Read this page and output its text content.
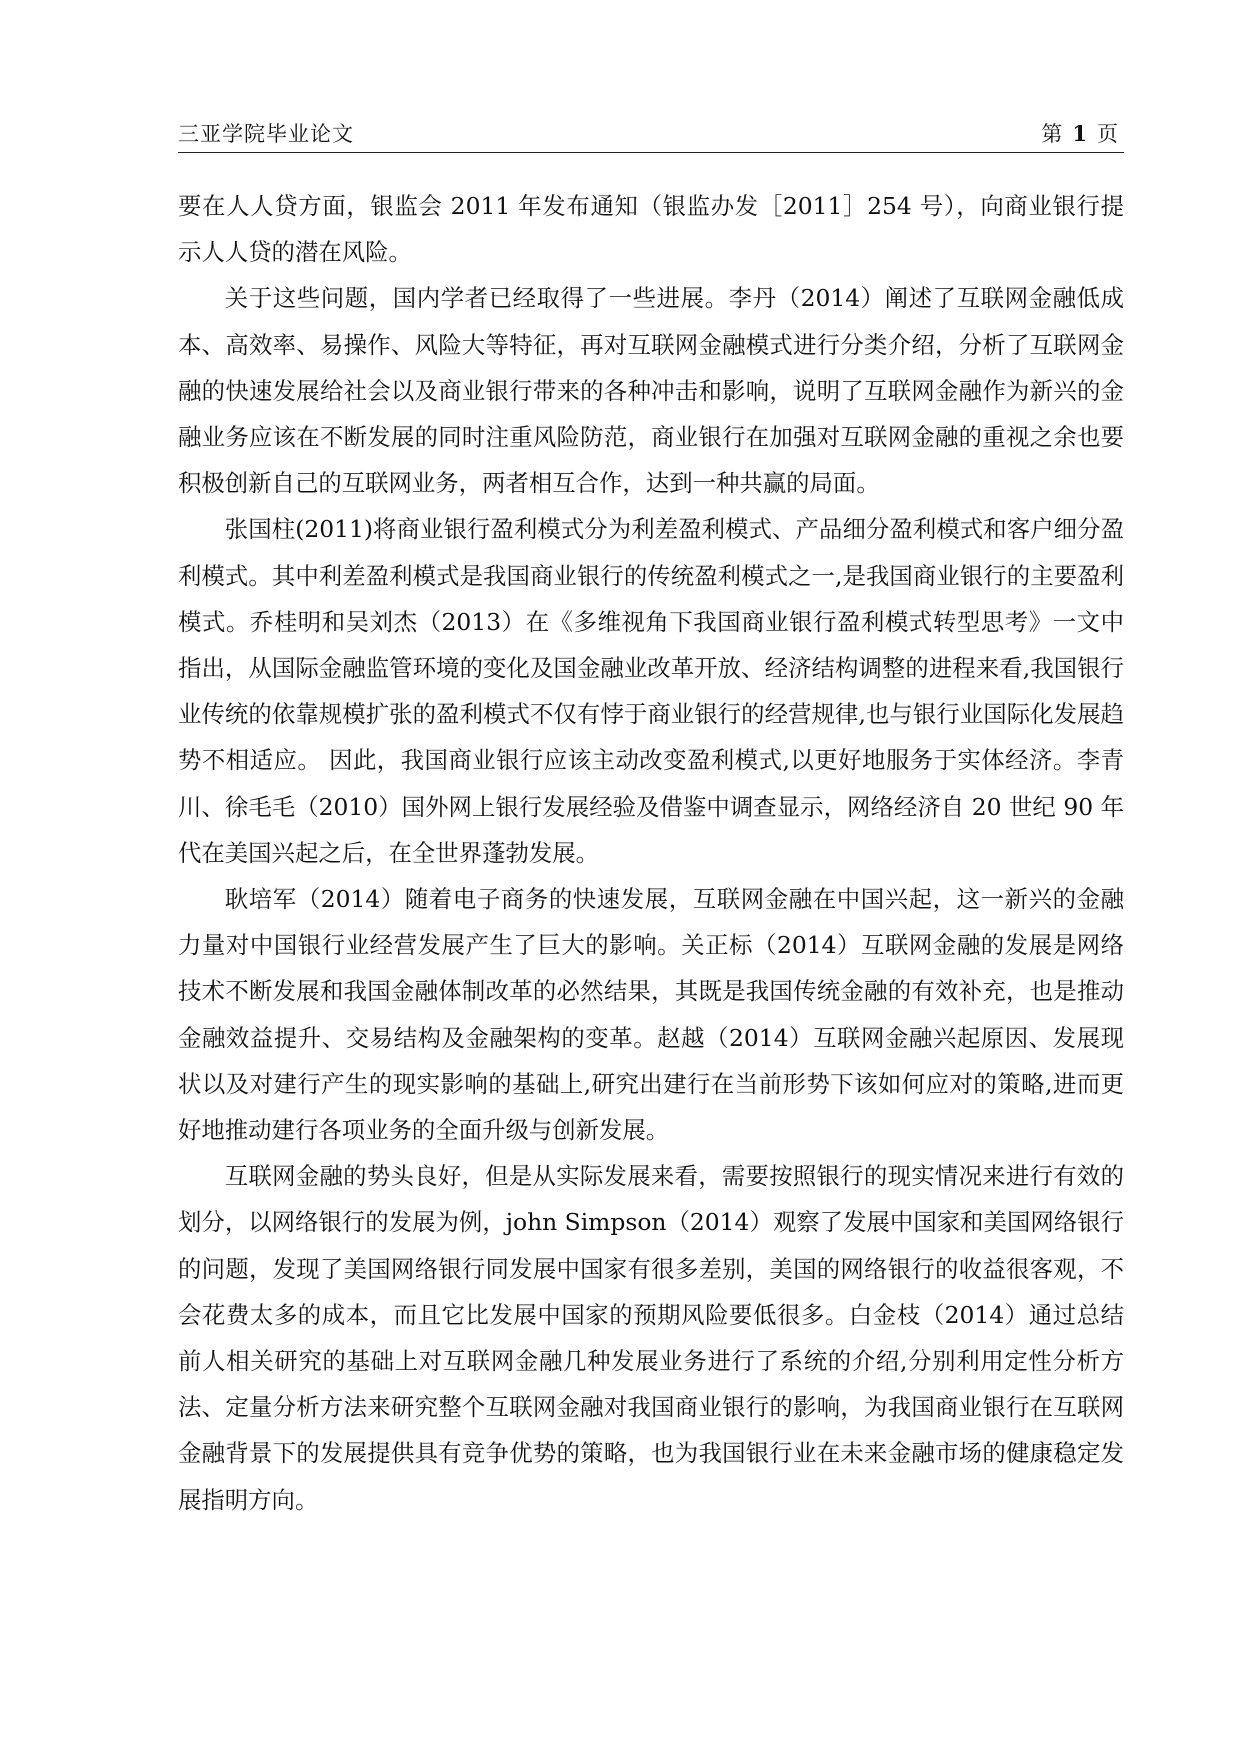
三亚学院毕业论文	第 1 页

要在人人贷方面，银监会 2011 年发布通知（银监办发［2011］254 号），向商业银行提示人人贷的潜在风险。

关于这些问题，国内学者已经取得了一些进展。李丹（2014）阐述了互联网金融低成本、高效率、易操作、风险大等特征，再对互联网金融模式进行分类介绍，分析了互联网金融的快速发展给社会以及商业银行带来的各种冲击和影响，说明了互联网金融作为新兴的金融业务应该在不断发展的同时注重风险防范，商业银行在加强对互联网金融的重视之余也要积极创新自己的互联网业务，两者相互合作，达到一种共赢的局面。

张国柱(2011)将商业银行盈利模式分为利差盈利模式、产品细分盈利模式和客户细分盈利模式。其中利差盈利模式是我国商业银行的传统盈利模式之一,是我国商业银行的主要盈利模式。乔桂明和吴刘杰（2013）在《多维视角下我国商业银行盈利模式转型思考》一文中指出，从国际金融监管环境的变化及国金融业改革开放、经济结构调整的进程来看,我国银行业传统的依靠规模扩张的盈利模式不仅有悖于商业银行的经营规律,也与银行业国际化发展趋势不相适应。 因此，我国商业银行应该主动改变盈利模式,以更好地服务于实体经济。李青川、徐毛毛（2010）国外网上银行发展经验及借鉴中调查显示，网络经济自 20 世纪 90 年代在美国兴起之后，在全世界蓬勃发展。

耿培军（2014）随着电子商务的快速发展，互联网金融在中国兴起，这一新兴的金融力量对中国银行业经营发展产生了巨大的影响。关正标（2014）互联网金融的发展是网络技术不断发展和我国金融体制改革的必然结果，其既是我国传统金融的有效补充，也是推动金融效益提升、交易结构及金融架构的变革。赵越（2014）互联网金融兴起原因、发展现状以及对建行产生的现实影响的基础上,研究出建行在当前形势下该如何应对的策略,进而更好地推动建行各项业务的全面升级与创新发展。

互联网金融的势头良好，但是从实际发展来看，需要按照银行的现实情况来进行有效的划分，以网络银行的发展为例，john Simpson（2014）观察了发展中国家和美国网络银行的问题，发现了美国网络银行同发展中国家有很多差别，美国的网络银行的收益很客观，不会花费太多的成本，而且它比发展中国家的预期风险要低很多。白金枝（2014）通过总结前人相关研究的基础上对互联网金融几种发展业务进行了系统的介绍,分别利用定性分析方法、定量分析方法来研究整个互联网金融对我国商业银行的影响，为我国商业银行在互联网金融背景下的发展提供具有竞争优势的策略，也为我国银行业在未来金融市场的健康稳定发展指明方向。
